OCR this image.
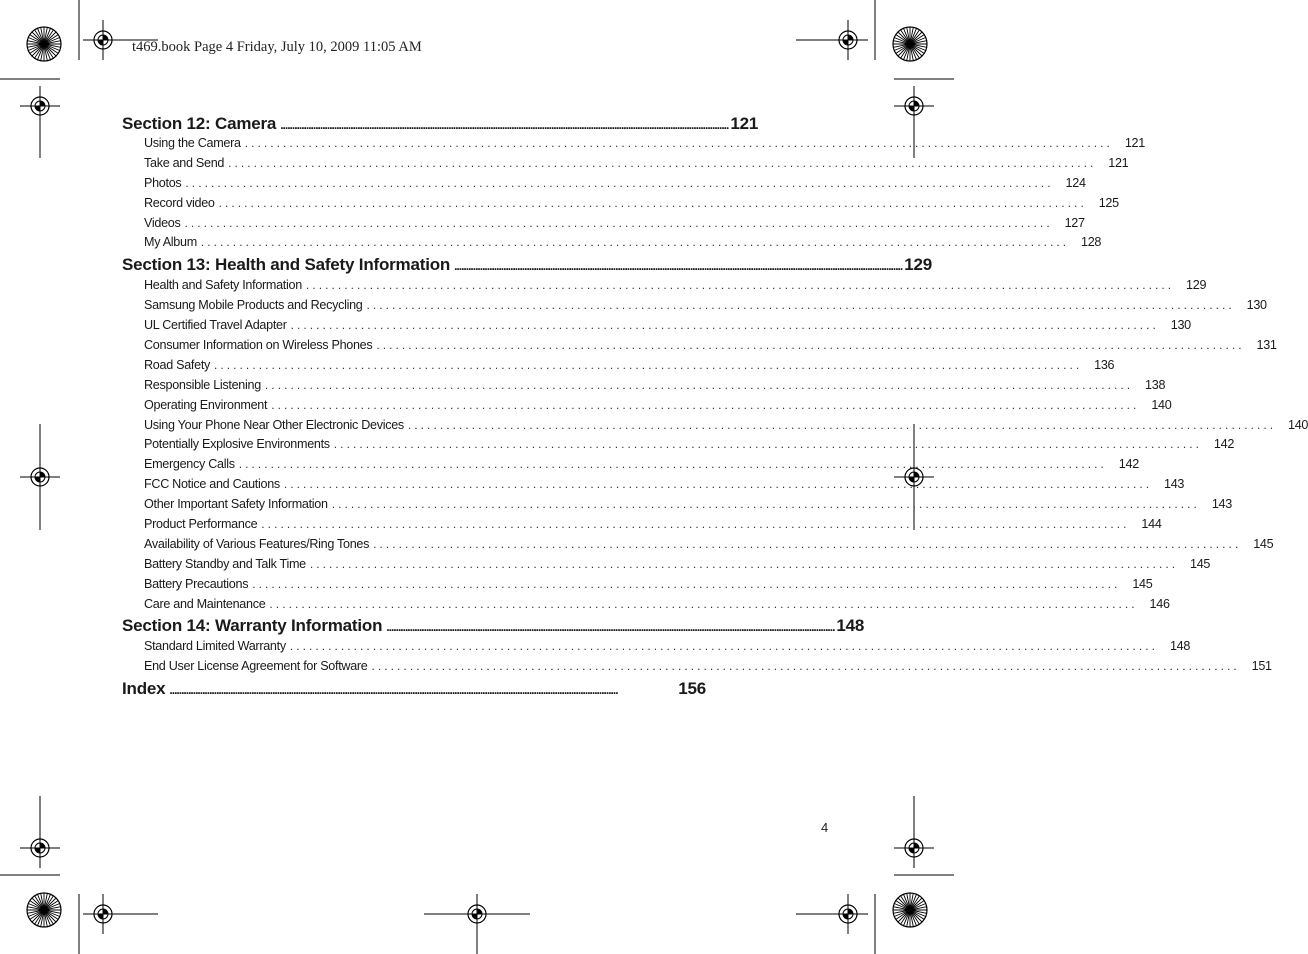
t469.book Page 4 Friday, July 10, 2009 11:05 AM
Section 12: Camera ................................................................................................................................................................................................ 121
Using the Camera ........................................................................................................................................ 121
Take and Send ........................................................................................................................................ 121
Photos ........................................................................................................................................ 124
Record video ........................................................................................................................................ 125
Videos ........................................................................................................................................ 127
My Album ........................................................................................................................................ 128
Section 13: Health and Safety Information ................................................................................................................................................................................................ 129
Health and Safety Information ........................................................................................................................................ 129
Samsung Mobile Products and Recycling ........................................................................................................................................ 130
UL Certified Travel Adapter ........................................................................................................................................ 130
Consumer Information on Wireless Phones ........................................................................................................................................ 131
Road Safety ........................................................................................................................................ 136
Responsible Listening ........................................................................................................................................ 138
Operating Environment ........................................................................................................................................ 140
Using Your Phone Near Other Electronic Devices ........................................................................................................................................ 140
Potentially Explosive Environments ........................................................................................................................................ 142
Emergency Calls ........................................................................................................................................ 142
FCC Notice and Cautions ........................................................................................................................................ 143
Other Important Safety Information ........................................................................................................................................ 143
Product Performance ........................................................................................................................................ 144
Availability of Various Features/Ring Tones ........................................................................................................................................ 145
Battery Standby and Talk Time ........................................................................................................................................ 145
Battery Precautions ........................................................................................................................................ 145
Care and Maintenance ........................................................................................................................................ 146
Section 14: Warranty Information ................................................................................................................................................................................................ 148
Standard Limited Warranty ........................................................................................................................................ 148
End User License Agreement for Software ........................................................................................................................................ 151
Index ................................................................................................................................................................................................	156
4
